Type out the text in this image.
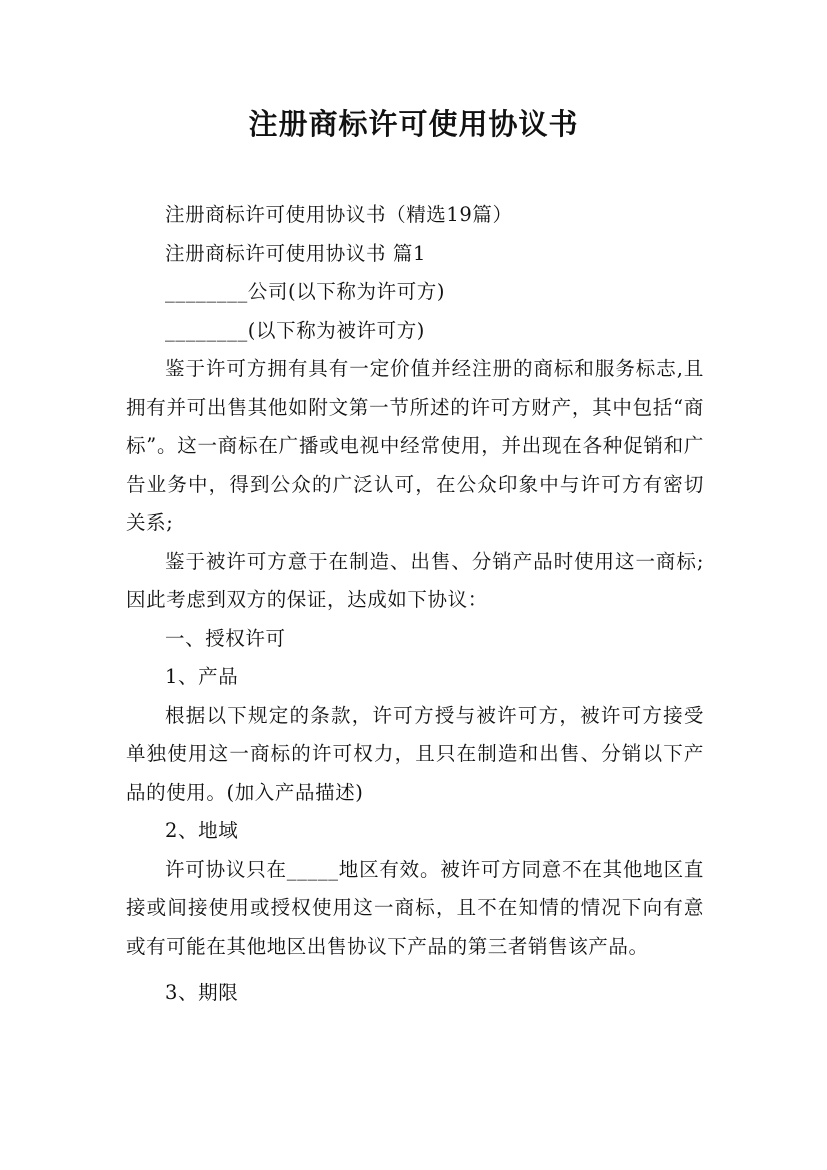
注册商标许可使用协议书

注册商标许可使用协议书（精选19篇）

注册商标许可使用协议书 篇1

________公司(以下称为许可方)

________(以下称为被许可方)

鉴于许可方拥有具有一定价值并经注册的商标和服务标志,且拥有并可出售其他如附文第一节所述的许可方财产，其中包括“商标”。这一商标在广播或电视中经常使用，并出现在各种促销和广告业务中，得到公众的广泛认可，在公众印象中与许可方有密切关系;

鉴于被许可方意于在制造、出售、分销产品时使用这一商标;因此考虑到双方的保证，达成如下协议：

一、授权许可

1、产品

根据以下规定的条款，许可方授与被许可方，被许可方接受单独使用这一商标的许可权力，且只在制造和出售、分销以下产品的使用。(加入产品描述)

2、地域

许可协议只在_____地区有效。被许可方同意不在其他地区直接或间接使用或授权使用这一商标，且不在知情的情况下向有意或有可能在其他地区出售协议下产品的第三者销售该产品。

3、期限
